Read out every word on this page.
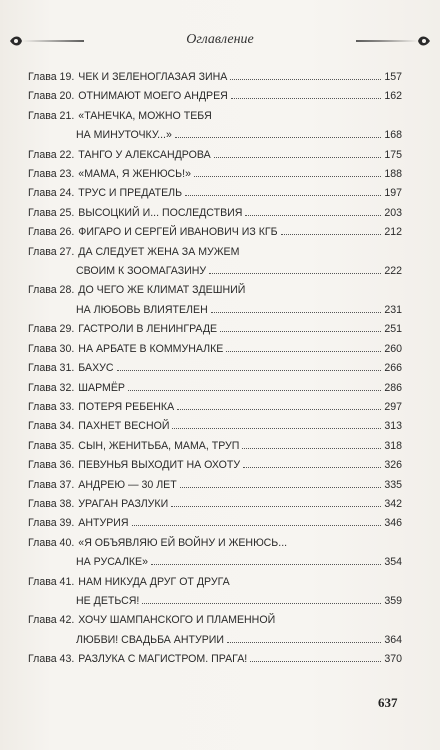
Оглавление
Глава 19. ЧЕК И ЗЕЛЕНОГЛАЗАЯ ЗИНА	157
Глава 20. ОТНИМАЮТ МОЕГО АНДРЕЯ	162
Глава 21. «ТАНЕЧКА, МОЖНО ТЕБЯ
НА МИНУТОЧКУ...»	168
Глава 22. ТАНГО У АЛЕКСАНДРОВА	175
Глава 23. «МАМА, Я ЖЕНЮСЬ!»	188
Глава 24. ТРУС И ПРЕДАТЕЛЬ	197
Глава 25. ВЫСОЦКИЙ И... ПОСЛЕДСТВИЯ	203
Глава 26. ФИГАРО И СЕРГЕЙ ИВАНОВИЧ ИЗ КГБ	212
Глава 27. ДА СЛЕДУЕТ ЖЕНА ЗА МУЖЕМ
СВОИМ К ЗООМАГАЗИНУ	222
Глава 28. ДО ЧЕГО ЖЕ КЛИМАТ ЗДЕШНИЙ
НА ЛЮБОВЬ ВЛИЯТЕЛЕН	231
Глава 29. ГАСТРОЛИ В ЛЕНИНГРАДЕ	251
Глава 30. НА АРБАТЕ В КОММУНАЛКЕ	260
Глава 31. БАХУС	266
Глава 32. ШАРМЁР	286
Глава 33. ПОТЕРЯ РЕБЕНКА	297
Глава 34. ПАХНЕТ ВЕСНОЙ	313
Глава 35. СЫН, ЖЕНИТЬБА, МАМА, ТРУП	318
Глава 36. ПЕВУНЬЯ ВЫХОДИТ НА ОХОТУ	326
Глава 37. АНДРЕЮ — 30 ЛЕТ	335
Глава 38. УРАГАН РАЗЛУКИ	342
Глава 39. АНТУРИЯ	346
Глава 40. «Я ОБЪЯВЛЯЮ ЕЙ ВОЙНУ И ЖЕНЮСЬ...
НА РУСАЛКЕ»	354
Глава 41. НАМ НИКУДА ДРУГ ОТ ДРУГА
НЕ ДЕТЬСЯ!	359
Глава 42. ХОЧУ ШАМПАНСКОГО И ПЛАМЕННОЙ
ЛЮБВИ! СВАДЬБА АНТУРИИ	364
Глава 43. РАЗЛУКА С МАГИСТРОМ. ПРАГА!	370
637
